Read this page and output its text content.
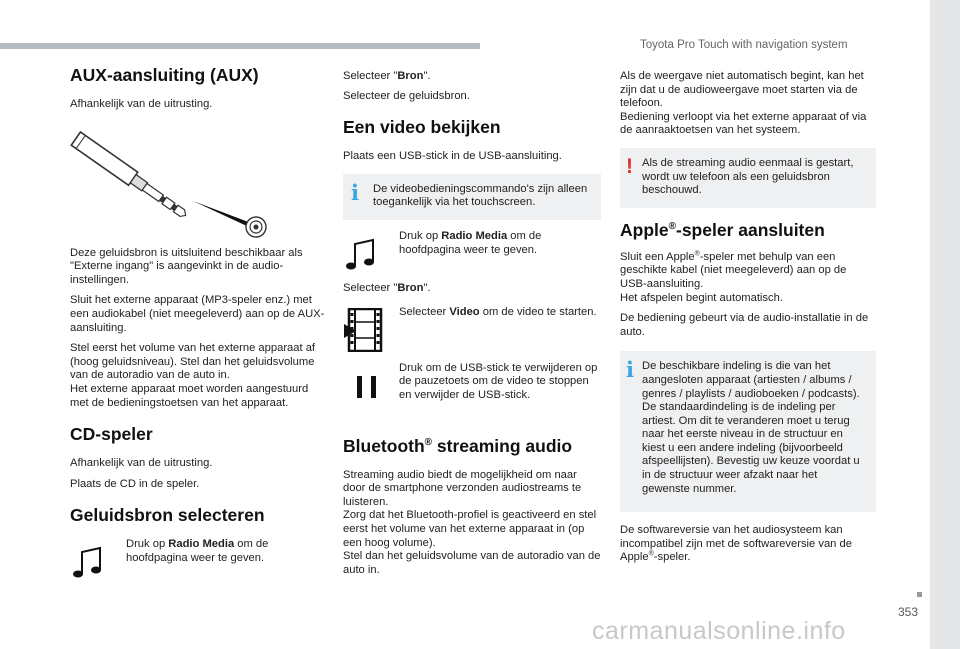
Toyota Pro Touch with navigation system
AUX-aansluiting (AUX)

Afhankelijk van de uitrusting.

Deze geluidsbron is uitsluitend beschikbaar als "Externe ingang" is aangevinkt in de audio-instellingen.

Sluit het externe apparaat (MP3-speler enz.) met een audiokabel (niet meegeleverd) aan op de AUX-aansluiting.

Stel eerst het volume van het externe apparaat af (hoog geluidsniveau). Stel dan het geluidsvolume van de autoradio van de auto in.
Het externe apparaat moet worden aangestuurd met de bedieningstoetsen van het apparaat.

CD-speler

Afhankelijk van de uitrusting.

Plaats de CD in de speler.

Geluidsbron selecteren
Druk op Radio Media om de hoofdpagina weer te geven.

Selecteer "Bron".

Selecteer de geluidsbron.

Een video bekijken

Plaats een USB-stick in de USB-aansluiting.

i De videobedieningscommando's zijn alleen toegankelijk via het touchscreen.
Druk op Radio Media om de hoofdpagina weer te geven.

Selecteer "Bron".

Selecteer Video om de video te starten.
Druk om de USB-stick te verwijderen op de pauzetoets om de video te stoppen en verwijder de USB-stick.
Bluetooth® streaming audio

Streaming audio biedt de mogelijkheid om naar door de smartphone verzonden audiostreams te luisteren.

Zorg dat het Bluetooth-profiel is geactiveerd en stel eerst het volume van het externe apparaat in (op een hoog volume).
Stel dan het geluidsvolume van de autoradio van de auto in.

Als de weergave niet automatisch begint, kan het zijn dat u de audioweergave moet starten via de telefoon.
Bediening verloopt via het externe apparaat of via de aanraaktoetsen van het systeem.

! Als de streaming audio eenmaal is gestart, wordt uw telefoon als een geluidsbron beschouwd.
Apple®-speler aansluiten

Sluit een Apple®-speler met behulp van een geschikte kabel (niet meegeleverd) aan op de USB-aansluiting.
Het afspelen begint automatisch.

De bediening gebeurt via de audio-installatie in de auto.

i De beschikbare indeling is die van het aangesloten apparaat (artiesten / albums / genres / playlists / audioboeken / podcasts).
De standaardindeling is de indeling per artiest. Om dit te veranderen moet u terug naar het eerste niveau in de structuur en kiest u een andere indeling (bijvoorbeeld afspeellijsten). Bevestig uw keuze voordat u in de structuur weer afzakt naar het gewenste nummer.

De softwareversie van het audiosysteem kan incompatibel zijn met de softwareversie van de Apple®-speler.

353
carmanualsonline.info
